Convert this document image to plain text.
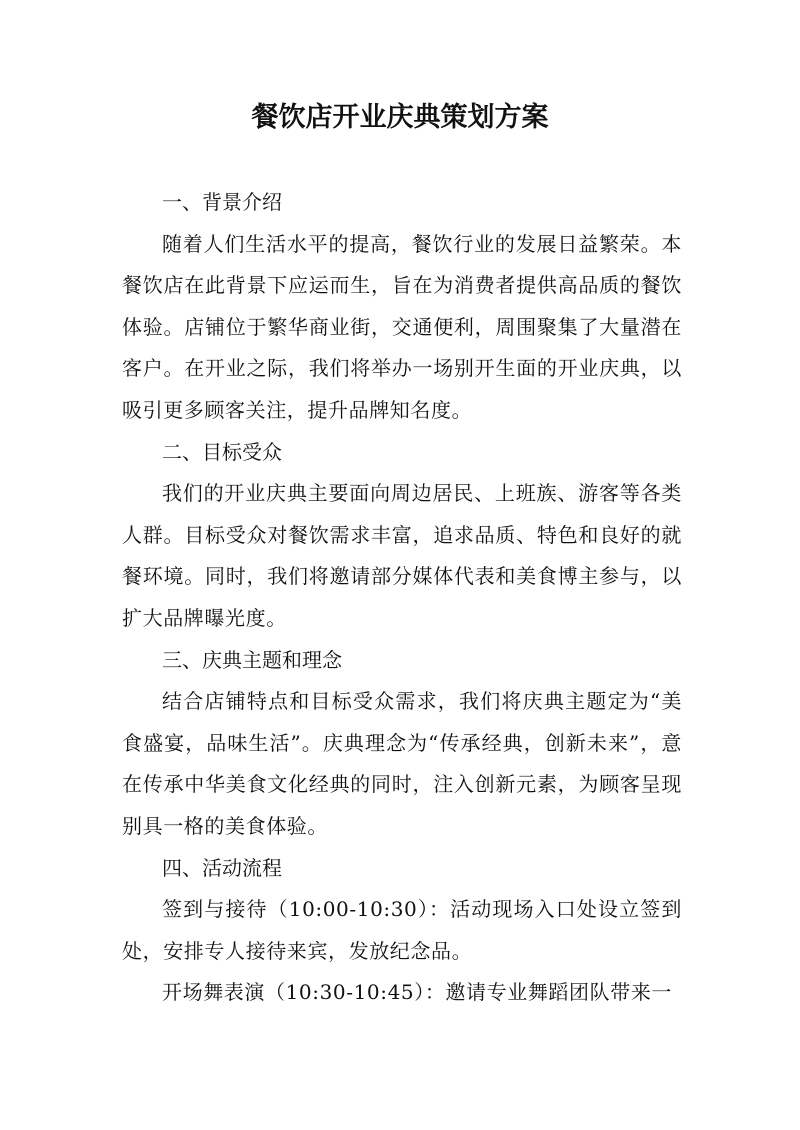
餐饮店开业庆典策划方案

一、背景介绍

随着人们生活水平的提高，餐饮行业的发展日益繁荣。本餐饮店在此背景下应运而生，旨在为消费者提供高品质的餐饮体验。店铺位于繁华商业街，交通便利，周围聚集了大量潜在客户。在开业之际，我们将举办一场别开生面的开业庆典，以吸引更多顾客关注，提升品牌知名度。

二、目标受众

我们的开业庆典主要面向周边居民、上班族、游客等各类人群。目标受众对餐饮需求丰富，追求品质、特色和良好的就餐环境。同时，我们将邀请部分媒体代表和美食博主参与，以扩大品牌曝光度。

三、庆典主题和理念

结合店铺特点和目标受众需求，我们将庆典主题定为“美食盛宴，品味生活”。庆典理念为“传承经典，创新未来”，意在传承中华美食文化经典的同时，注入创新元素，为顾客呈现别具一格的美食体验。

四、活动流程

签到与接待（10:00-10:30）：活动现场入口处设立签到处，安排专人接待来宾，发放纪念品。

开场舞表演（10:30-10:45）：邀请专业舞蹈团队带来一
